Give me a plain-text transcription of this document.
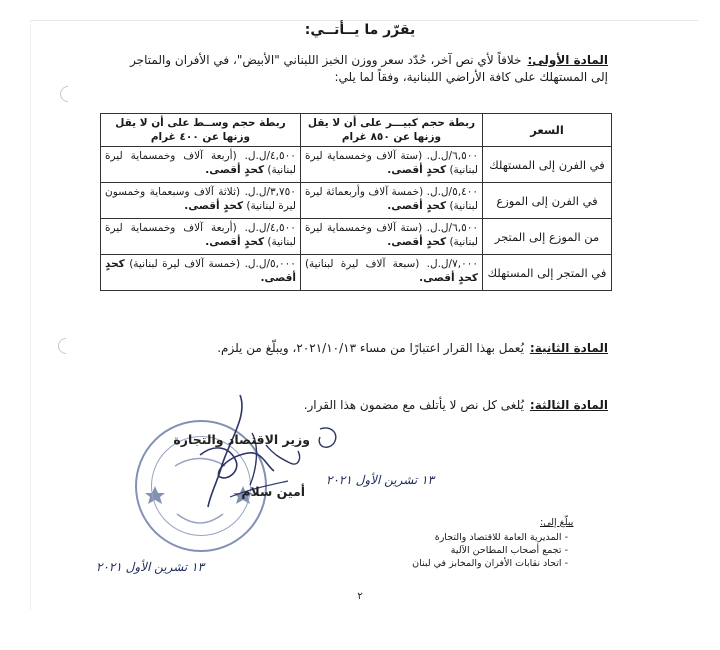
يقرّر ما يــأتــي:
المادة الأولى:خلافاً لأي نص آخر، حُدّد سعر ووزن الخبز اللبناني "الأبيض"، في الأفران والمتاجر إلى المستهلك على كافة الأراضي اللبنانية، وفقاً لما يلي:
السعر	ربطة حجم كبيـــر على أن لا يقل وزنها عن ٨٥٠ غرام	ربطة حجم وســط على أن لا يقل وزنها عن ٤٠٠ غرام
في الفرن إلى المستهلك	٦,٥٠٠/ل.ل. (ستة آلاف وخمسماية ليرة لبنانية) كحدٍ أقصى.	٤,٥٠٠/ل.ل. (أربعة آلاف وخمسماية ليرة لبنانية) كحدٍ أقصى.
في الفرن إلى الموزع	٥,٤٠٠/ل.ل. (خمسة آلاف وأربعمائة ليرة لبنانية) كحدٍ أقصى.	٣,٧٥٠/ل.ل. (ثلاثة آلاف وسبعماية وخمسون ليرة لبنانية) كحدٍ أقصى.
من الموزع إلى المتجر	٦,٥٠٠/ل.ل. (ستة آلاف وخمسماية ليرة لبنانية) كحدٍ أقصى.	٤,٥٠٠/ل.ل. (أربعة آلاف وخمسماية ليرة لبنانية) كحدٍ أقصى.
في المتجر إلى المستهلك	٧,٠٠٠/ل.ل. (سبعة آلاف ليرة لبنانية) كحدٍ أقصى.	٥,٠٠٠/ل.ل. (خمسة آلاف ليرة لبنانية) كحدٍ أقصى.
المادة الثانية:يُعمل بهذا القرار اعتبارًا من مساء ٢٠٢١/١٠/١٣، ويبلّغ من يلزم.
المادة الثالثة:يُلغى كل نص لا يأتلف مع مضمون هذا القرار.
وزير الاقتصاد والتجارة
أمين سلام
١٣ تشرين الأول ٢٠٢١
١٣ تشرين الأول ٢٠٢١
يبلّغ إلى:
- المديرية العامة للاقتصاد والتجارة
- تجمع أصحاب المطاحن الآلية
- اتحاد نقابات الأفران والمخابز في لبنان
٢
